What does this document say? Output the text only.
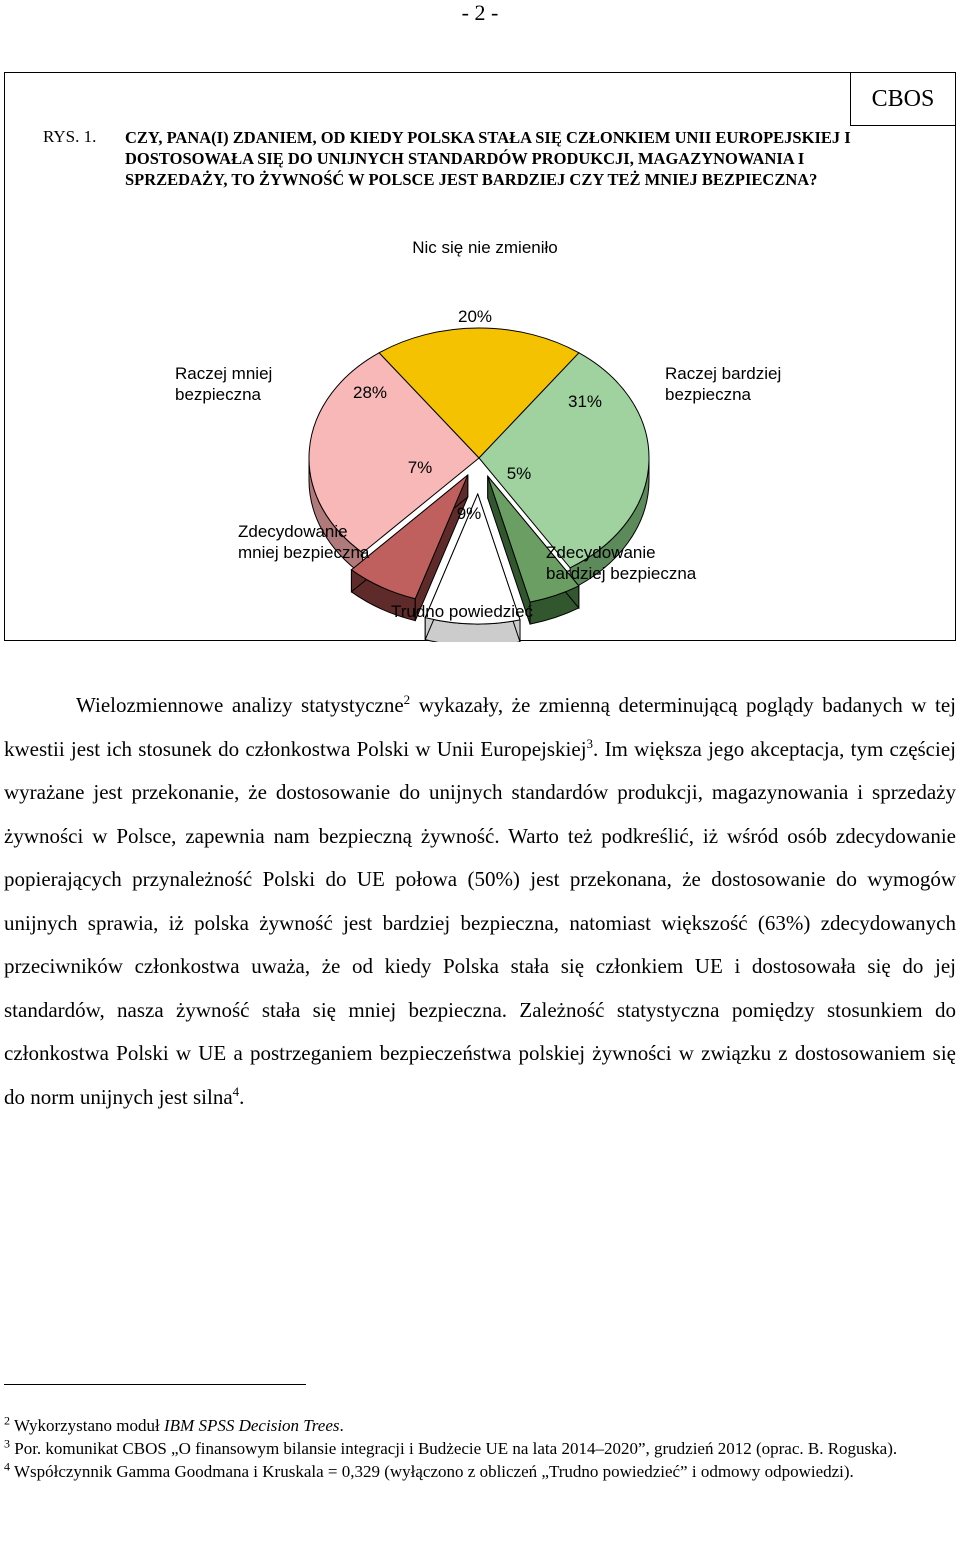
- 2 -
CBOS
RYS. 1. CZY, PANA(I) ZDANIEM, OD KIEDY POLSKA STAŁA SIĘ CZŁONKIEM UNII EUROPEJSKIEJ I DOSTOSOWAŁA SIĘ DO UNIJNYCH STANDARDÓW PRODUKCJI, MAGAZYNOWANIA I SPRZEDAŻY, TO ŻYWNOŚĆ W POLSCE JEST BARDZIEJ CZY TEŻ MNIEJ BEZPIECZNA?
20%
31%
5%
9%
7%
28%
Nic się nie zmieniło
Raczej bardziej bezpieczna
Zdecydowanie bardziej bezpieczna
Trudno powiedzieć
Zdecydowanie mniej bezpieczna
Raczej mniej bezpieczna

Wielozmiennowe analizy statystyczne$^2$ wykazały, że zmienną determinującą poglądy badanych w tej kwestii jest ich stosunek do członkostwa Polski w Unii Europejskiej$^3$. Im większa jego akceptacja, tym częściej wyrażane jest przekonanie, że dostosowanie do unijnych standardów produkcji, magazynowania i sprzedaży żywności w Polsce, zapewnia nam bezpieczną żywność. Warto też podkreślić, iż wśród osób zdecydowanie popierających przynależność Polski do UE połowa (50%) jest przekonana, że dostosowanie do wymogów unijnych sprawia, iż polska żywność jest bardziej bezpieczna, natomiast większość (63%) zdecydowanych przeciwników członkostwa uważa, że od kiedy Polska stała się członkiem UE i dostosowała się do jej standardów, nasza żywność stała się mniej bezpieczna. Zależność statystyczna pomiędzy stosunkiem do członkostwa Polski w UE a postrzeganiem bezpieczeństwa polskiej żywności w związku z dostosowaniem się do norm unijnych jest silna$^4$.

$^2$ Wykorzystano moduł IBM SPSS Decision Trees.

$^3$ Por. komunikat CBOS „O finansowym bilansie integracji i Budżecie UE na lata 2014–2020”, grudzień 2012 (oprac. B. Roguska).

$^4$ Współczynnik Gamma Goodmana i Kruskala = 0,329 (wyłączono z obliczeń „Trudno powiedzieć” i odmowy odpowiedzi).
